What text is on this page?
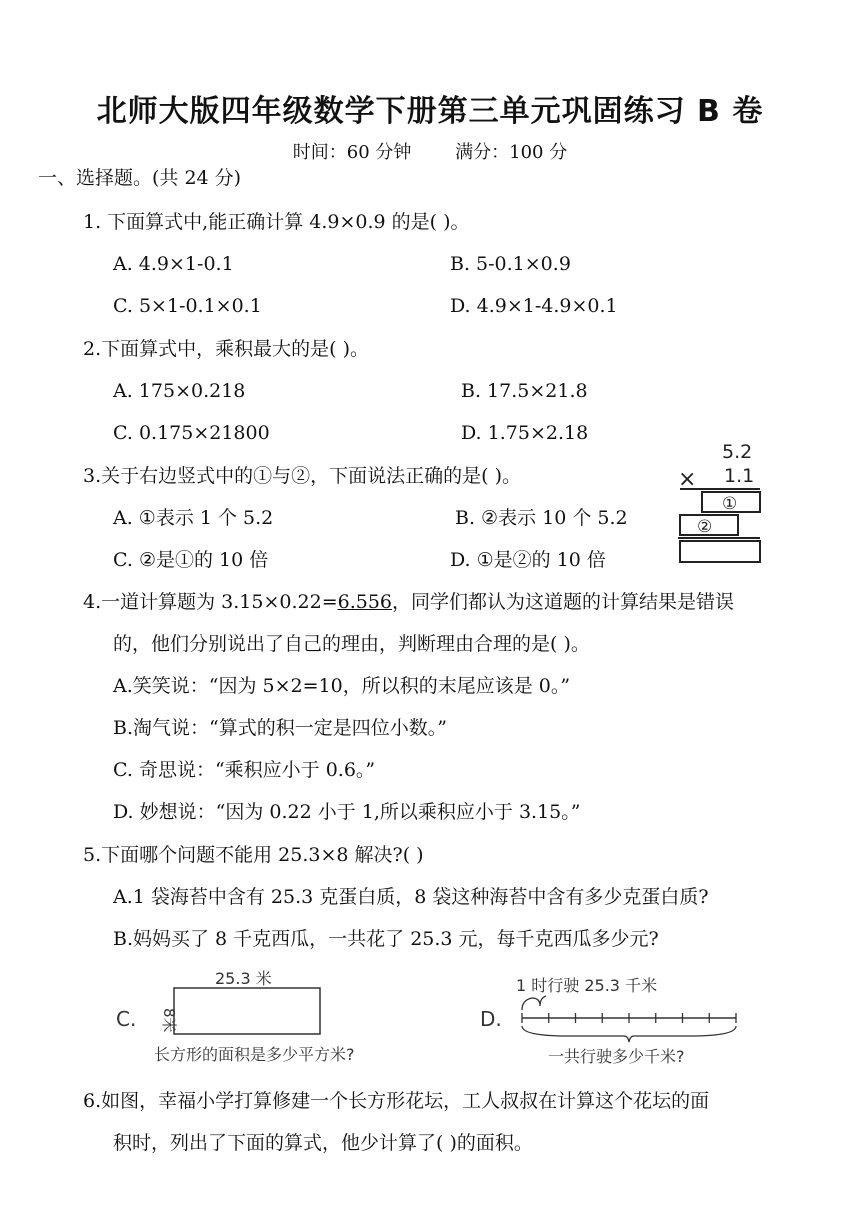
北师大版四年级数学下册第三单元巩固练习 B 卷
时间：60 分钟 满分：100 分
一、选择题。(共 24 分)
1. 下面算式中,能正确计算 4.9×0.9 的是( )。
A. 4.9×1-0.1	B. 5-0.1×0.9
C. 5×1-0.1×0.1	D. 4.9×1-4.9×0.1
2.下面算式中，乘积最大的是( )。
A. 175×0.218	B. 17.5×21.8
C. 0.175×21800	D. 1.75×2.18
3.关于右边竖式中的①与②，下面说法正确的是( )。
A. ①表示 1 个 5.2	B. ②表示 10 个 5.2
C. ②是①的 10 倍	D. ①是②的 10 倍
5.2
× 1.1
①
②
4.一道计算题为 3.15×0.22=6.556，同学们都认为这道题的计算结果是错误
的，他们分别说出了自己的理由，判断理由合理的是( )。
A.笑笑说：“因为 5×2=10，所以积的末尾应该是 0。”
B.淘气说：“算式的积一定是四位小数。”
C. 奇思说：“乘积应小于 0.6。”
D. 妙想说：“因为 0.22 小于 1,所以乘积应小于 3.15。”
5.下面哪个问题不能用 25.3×8 解决?( )
A.1 袋海苔中含有 25.3 克蛋白质，8 袋这种海苔中含有多少克蛋白质?
B.妈妈买了 8 千克西瓜，一共花了 25.3 元，每千克西瓜多少元?
C.
25.3 米
8米
长方形的面积是多少平方米?
D.
1 时行驶 25.3 千米
一共行驶多少千米?
6.如图，幸福小学打算修建一个长方形花坛，工人叔叔在计算这个花坛的面
积时，列出了下面的算式，他少计算了( )的面积。
